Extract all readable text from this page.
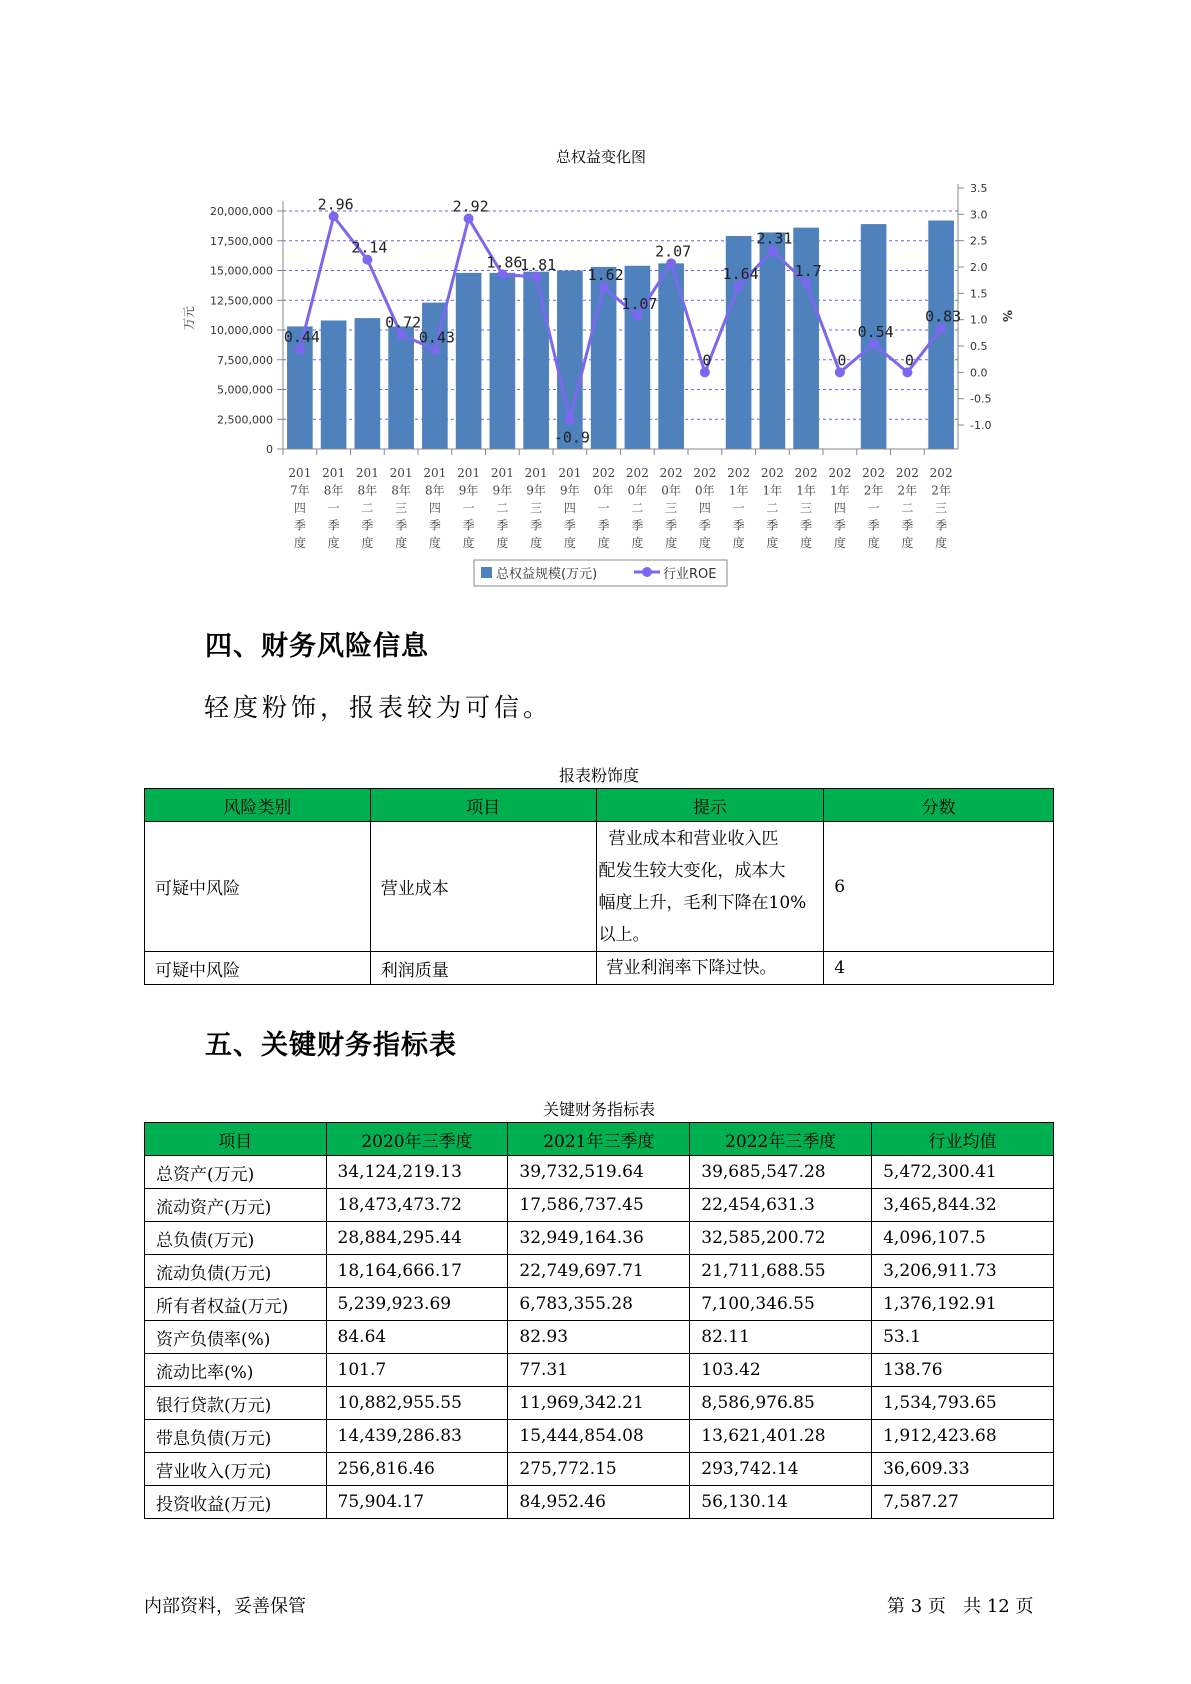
总权益变化图
0
2,500,000
5,000,000
7,500,000
10,000,000
12,500,000
15,000,000
17,500,000
20,000,000
-1.0
-0.5
0.0
0.5
1.0
1.5
2.0
2.5
3.0
3.5
万元	%
0.44
2.96
2.14
0.72
0.43
2.92
1.86
1.81
-0.9
1.62
1.07
2.07
0
1.64
2.31
1.7
0
0.54
0
0.83
201
7年
四
季
度
201
8年
一
季
度
201
8年
二
季
度
201
8年
三
季
度
201
8年
四
季
度
201
9年
一
季
度
201
9年
二
季
度
201
9年
三
季
度
201
9年
四
季
度
202
0年
一
季
度
202
0年
二
季
度
202
0年
三
季
度
202
0年
四
季
度
202
1年
一
季
度
202
1年
二
季
度
202
1年
三
季
度
202
1年
四
季
度
202
2年
一
季
度
202
2年
二
季
度
202
2年
三
季
度
总权益规模(万元)	行业ROE
四、财务风险信息
轻度粉饰，报表较为可信。
报表粉饰度
风险类别	项目	提示	分数
可疑中风险	营业成本	营业成本和营业收入匹
配发生较大变化，成本大
幅度上升，毛利下降在10%
以上。	6
可疑中风险	利润质量	营业利润率下降过快。	4
五、关键财务指标表
关键财务指标表
项目	2020年三季度	2021年三季度	2022年三季度	行业均值
总资产(万元)	34,124,219.13	39,732,519.64	39,685,547.28	5,472,300.41
流动资产(万元)	18,473,473.72	17,586,737.45	22,454,631.3	3,465,844.32
总负债(万元)	28,884,295.44	32,949,164.36	32,585,200.72	4,096,107.5
流动负债(万元)	18,164,666.17	22,749,697.71	21,711,688.55	3,206,911.73
所有者权益(万元)	5,239,923.69	6,783,355.28	7,100,346.55	1,376,192.91
资产负债率(%)	84.64	82.93	82.11	53.1
流动比率(%)	101.7	77.31	103.42	138.76
银行贷款(万元)	10,882,955.55	11,969,342.21	8,586,976.85	1,534,793.65
带息负债(万元)	14,439,286.83	15,444,854.08	13,621,401.28	1,912,423.68
营业收入(万元)	256,816.46	275,772.15	293,742.14	36,609.33
投资收益(万元)	75,904.17	84,952.46	56,130.14	7,587.27
内部资料，妥善保管	第 3 页 共 12 页
